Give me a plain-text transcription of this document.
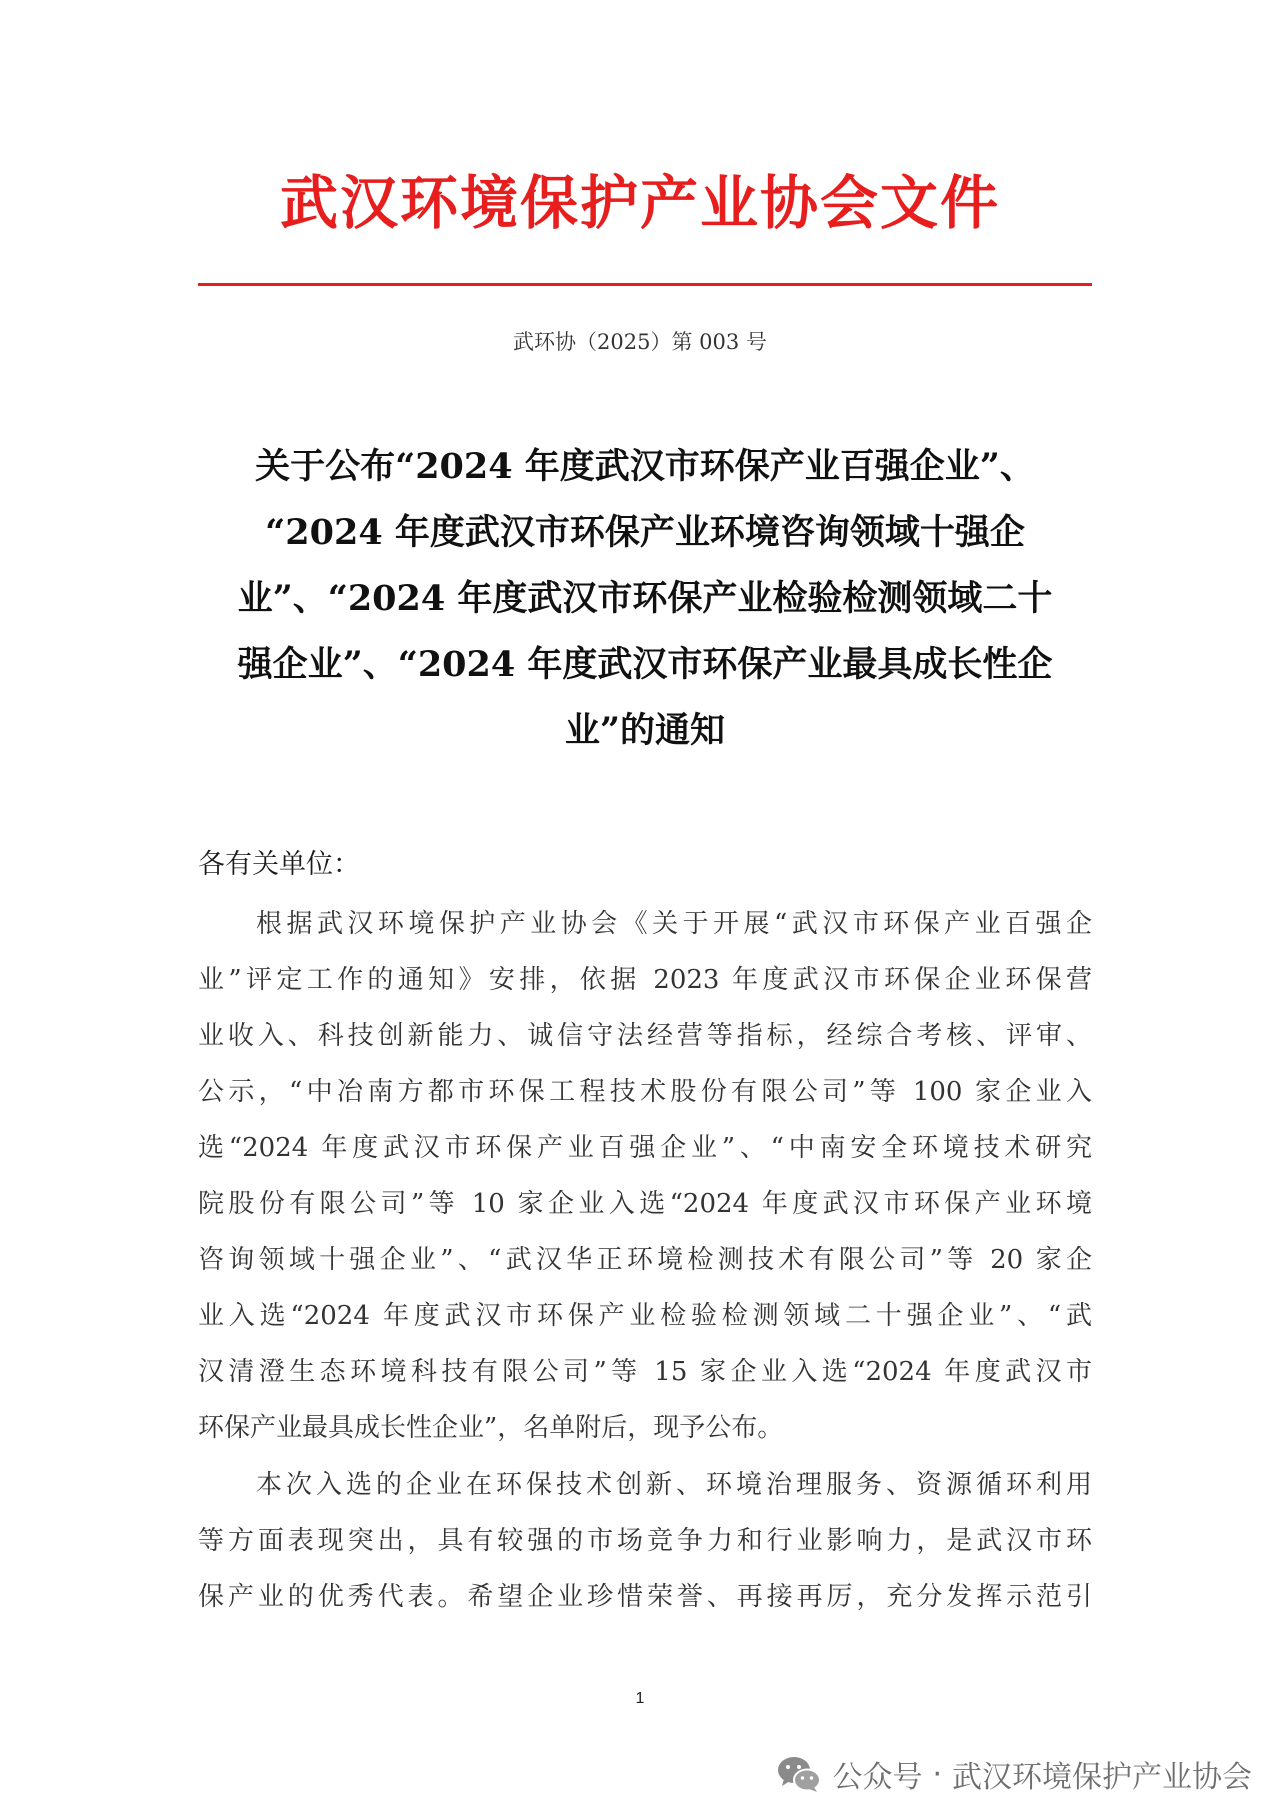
武汉环境保护产业协会文件
武环协（2025）第 003 号
关于公布“2024 年度武汉市环保产业百强企业”、
“2024 年度武汉市环保产业环境咨询领域十强企
业”、“2024 年度武汉市环保产业检验检测领域二十
强企业”、“2024 年度武汉市环保产业最具成长性企
业”的通知
各有关单位：
根据武汉环境保护产业协会《关于开展“武汉市环保产业百强企
业”评定工作的通知》安排，依据 2023 年度武汉市环保企业环保营
业收入、科技创新能力、诚信守法经营等指标，经综合考核、评审、
公示，“中冶南方都市环保工程技术股份有限公司”等 100 家企业入
选“2024 年度武汉市环保产业百强企业”、“中南安全环境技术研究
院股份有限公司”等 10 家企业入选“2024 年度武汉市环保产业环境
咨询领域十强企业”、“武汉华正环境检测技术有限公司”等 20 家企
业入选“2024 年度武汉市环保产业检验检测领域二十强企业”、“武
汉清澄生态环境科技有限公司”等 15 家企业入选“2024 年度武汉市
环保产业最具成长性企业”，名单附后，现予公布。
本次入选的企业在环保技术创新、环境治理服务、资源循环利用
等方面表现突出，具有较强的市场竞争力和行业影响力，是武汉市环
保产业的优秀代表。希望企业珍惜荣誉、再接再厉，充分发挥示范引
1
公众号 · 武汉环境保护产业协会
